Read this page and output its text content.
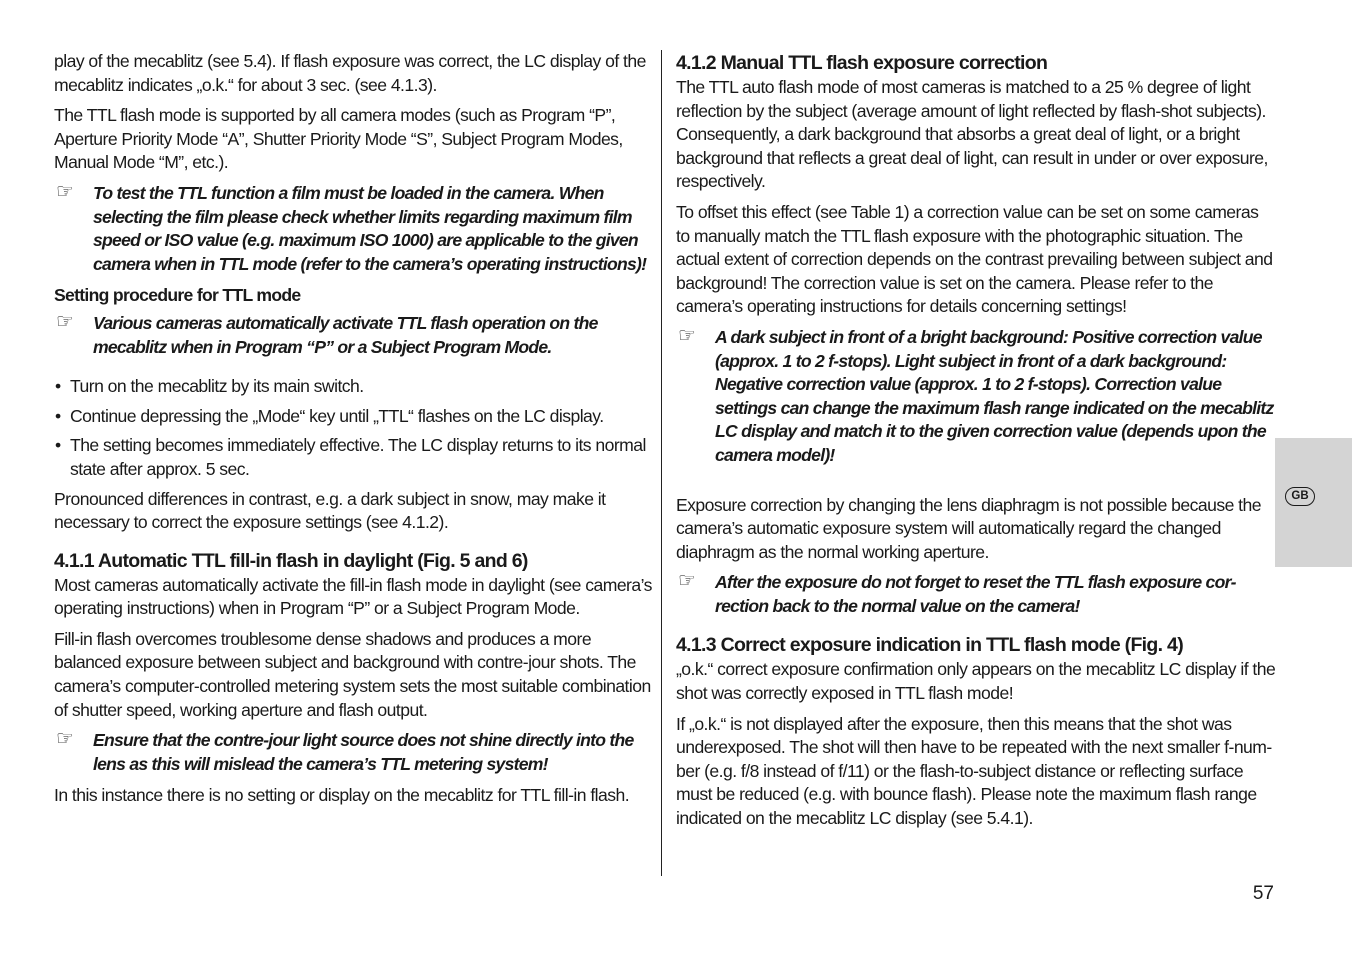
play of the mecablitz (see 5.4). If flash exposure was correct, the LC display of the mecablitz indicates „o.k.“ for about 3 sec. (see 4.1.3).

The TTL flash mode is supported by all camera modes (such as Program “P”, Aperture Priority Mode “A”, Shutter Priority Mode “S”, Subject Program Modes, Manual Mode “M”, etc.).

☞ To test the TTL function a film must be loaded in the camera. When selecting the film please check whether limits regarding maximum film speed or ISO value (e.g. maximum ISO 1000) are applicable to the given camera when in TTL mode (refer to the camera’s operating instructions)!
Setting procedure for TTL mode
☞ Various cameras automatically activate TTL flash operation on the mecablitz when in Program “P” or a Subject Program Mode.
• Turn on the mecablitz by its main switch.
• Continue depressing the „Mode“ key until „TTL“ flashes on the LC display.
• The setting becomes immediately effective. The LC display returns to its normal state after approx. 5 sec.

Pronounced differences in contrast, e.g. a dark subject in snow, may make it necessary to correct the exposure settings (see 4.1.2).

4.1.1 Automatic TTL fill-in flash in daylight (Fig. 5 and 6)

Most cameras automatically activate the fill-in flash mode in daylight (see camera’s operating instructions) when in Program “P” or a Subject Program Mode.

Fill-in flash overcomes troublesome dense shadows and produces a more balanced exposure between subject and background with contre-jour shots. The camera’s computer-controlled metering system sets the most suitable combination of shutter speed, working aperture and flash output.

☞ Ensure that the contre-jour light source does not shine directly into the lens as this will mislead the camera’s TTL metering system!

In this instance there is no setting or display on the mecablitz for TTL fill-in flash.

4.1.2 Manual TTL flash exposure correction

The TTL auto flash mode of most cameras is matched to a 25 % degree of light reflection by the subject (average amount of light reflected by flash-shot subjects). Consequently, a dark background that absorbs a great deal of light, or a bright background that reflects a great deal of light, can result in under or over exposure, respectively.

To offset this effect (see Table 1) a correction value can be set on some cameras to manually match the TTL flash exposure with the photographic situation. The actual extent of correction depends on the contrast prevailing between subject and background! The correction value is set on the camera. Please refer to the camera’s operating instructions for details concerning settings!

☞ A dark subject in front of a bright background: Positive correction value (approx. 1 to 2 f-stops). Light subject in front of a dark background: Negative correction value (approx. 1 to 2 f-stops). Correction value settings can change the maximum flash range indicated on the mecablitz LC display and match it to the given correction value (depends upon the camera model)!

Exposure correction by changing the lens diaphragm is not possible because the camera’s automatic exposure system will automatically regard the changed diaphragm as the normal working aperture.

☞ After the exposure do not forget to reset the TTL flash exposure correction back to the normal value on the camera!
4.1.3 Correct exposure indication in TTL flash mode (Fig. 4)

„o.k.“ correct exposure confirmation only appears on the mecablitz LC display if the shot was correctly exposed in TTL flash mode!

If „o.k.“ is not displayed after the exposure, then this means that the shot was underexposed. The shot will then have to be repeated with the next smaller f-number (e.g. f/8 instead of f/11) or the flash-to-subject distance or reflecting surface must be reduced (e.g. with bounce flash). Please note the maximum flash range indicated on the mecablitz LC display (see 5.4.1).

GB
57
